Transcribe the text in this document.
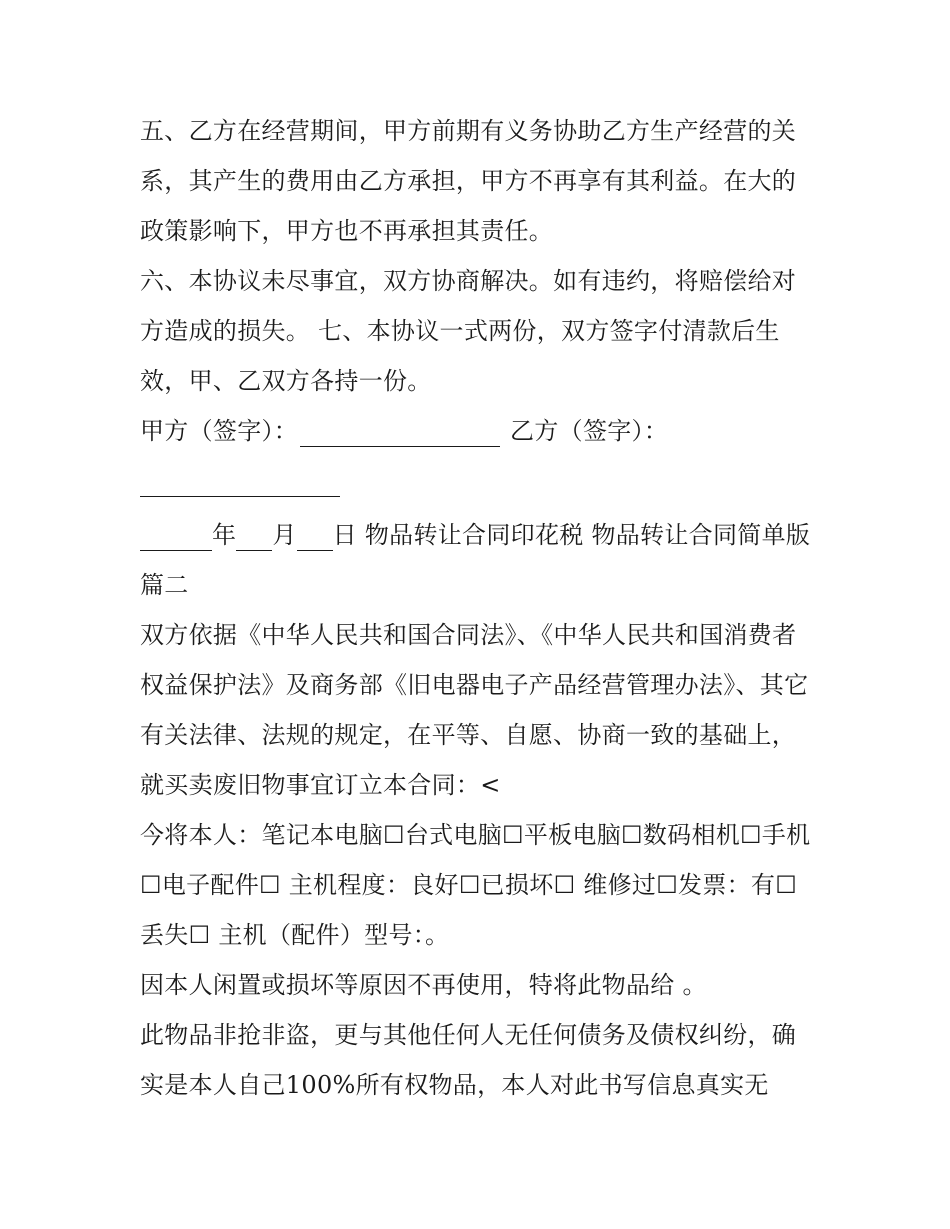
五、乙方在经营期间，甲方前期有义务协助乙方生产经营的关系，其产生的费用由乙方承担，甲方不再享有其利益。在大的政策影响下，甲方也不再承担其责任。

六、本协议未尽事宜，双方协商解决。如有违约，将赔偿给对方造成的损失。 七、本协议一式两份，双方签字付清款后生效，甲、乙双方各持一份。

甲方（签字）：	乙方（签字）：

年 月 日 物品转让合同印花税 物品转让合同简单版篇二

双方依据《中华人民共和国合同法》、《中华人民共和国消费者权益保护法》及商务部《旧电器电子产品经营管理办法》、其它有关法律、法规的规定，在平等、自愿、协商一致的基础上，就买卖废旧物事宜订立本合同：<

今将本人：笔记本电脑☐台式电脑☐平板电脑☐数码相机☐手机☐电子配件☐ 主机程度：良好☐已损坏☐ 维修过☐发票：有☐ 丢失☐ 主机（配件）型号：。

因本人闲置或损坏等原因不再使用，特将此物品给 。

此物品非抢非盗，更与其他任何人无任何债务及债权纠纷，确实是本人自己100%所有权物品，本人对此书写信息真实无
